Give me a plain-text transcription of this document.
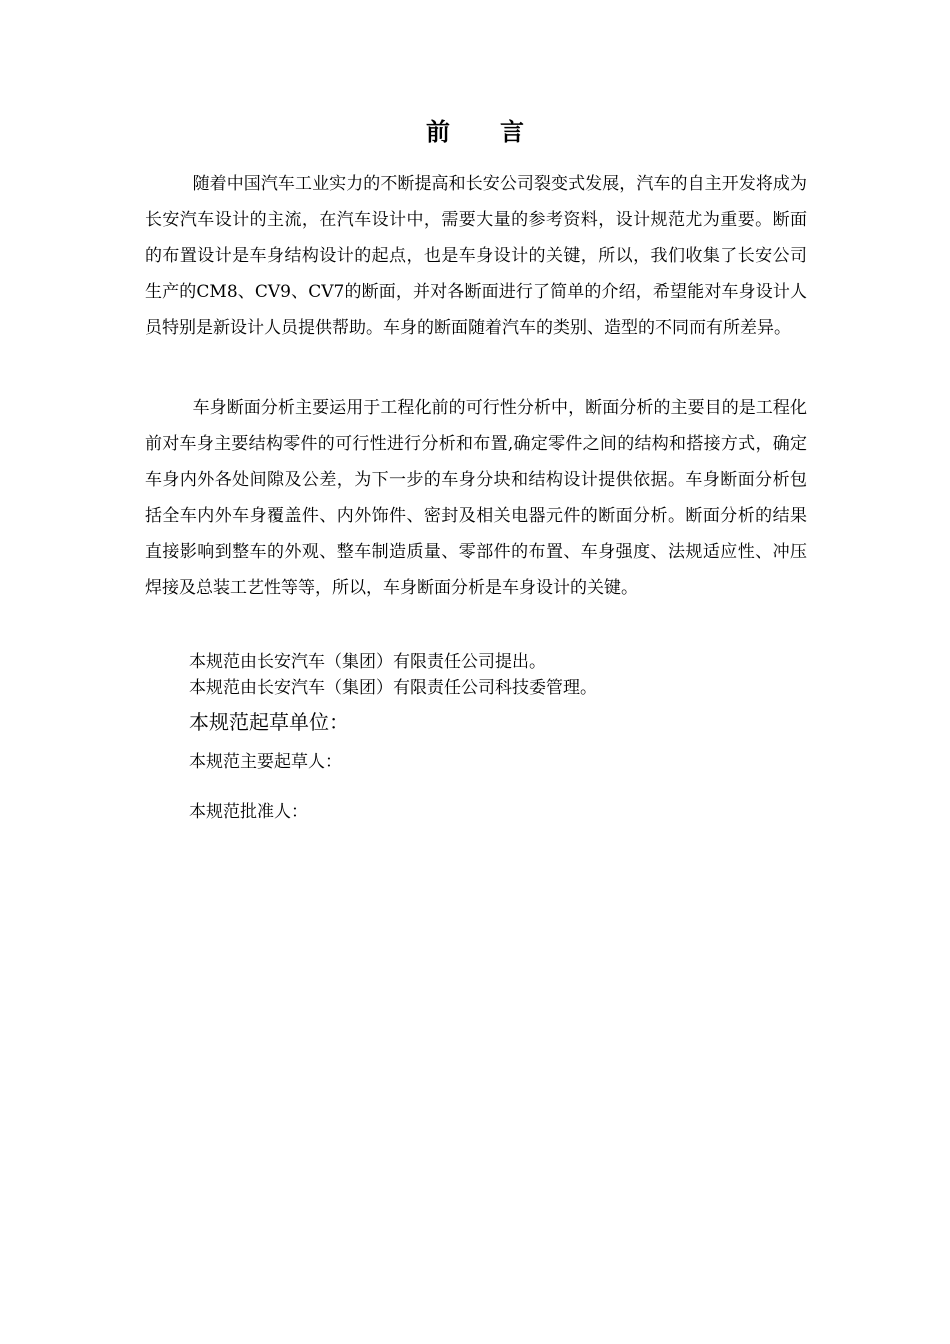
前言

随着中国汽车工业实力的不断提高和长安公司裂变式发展，汽车的自主开发将成为长安汽车设计的主流，在汽车设计中，需要大量的参考资料，设计规范尤为重要。断面的布置设计是车身结构设计的起点，也是车身设计的关键，所以，我们收集了长安公司生产的CM8、CV9、CV7的断面，并对各断面进行了简单的介绍，希望能对车身设计人员特别是新设计人员提供帮助。车身的断面随着汽车的类别、造型的不同而有所差异。

车身断面分析主要运用于工程化前的可行性分析中，断面分析的主要目的是工程化前对车身主要结构零件的可行性进行分析和布置,确定零件之间的结构和搭接方式，确定车身内外各处间隙及公差，为下一步的车身分块和结构设计提供依据。车身断面分析包括全车内外车身覆盖件、内外饰件、密封及相关电器元件的断面分析。断面分析的结果直接影响到整车的外观、整车制造质量、零部件的布置、车身强度、法规适应性、冲压焊接及总装工艺性等等，所以，车身断面分析是车身设计的关键。

本规范由长安汽车（集团）有限责任公司提出。
本规范由长安汽车（集团）有限责任公司科技委管理。
本规范起草单位：
本规范主要起草人：
本规范批准人：
